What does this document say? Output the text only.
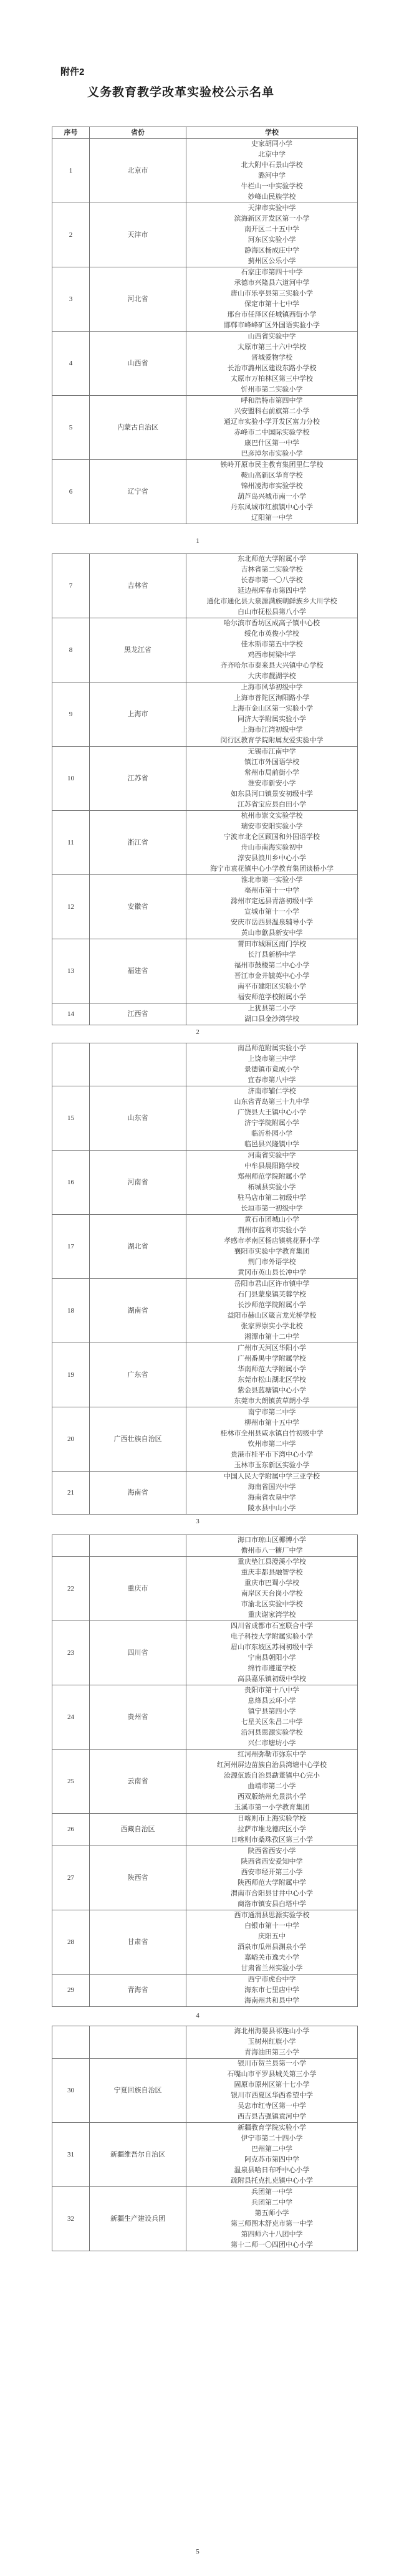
附件2
义务教育教学改革实验校公示名单
序号	省份	学校
1	北京市	
史家胡同小学
北京中学
北大附中石景山学校
潞河中学
牛栏山一中实验学校
妙峰山民族学校

2	天津市	
天津市实验中学
滨海新区开发区第一小学
南开区二十五中学
河东区实验小学
静海区杨成庄中学
蓟州区公乐小学

3	河北省	
石家庄市第四十中学
承德市兴隆县六道河中学
唐山市乐亭县第三实验小学
保定市第十七中学
邢台市任泽区任城镇西街小学
邯郸市峰峰矿区外国语实验小学

4	山西省	
山西省实验中学
太原市第三十六中学校
晋城爱物学校
长治市潞州区建设东路小学校
太原市万柏林区第三中学校
忻州市第二实验小学

5	内蒙古自治区	
呼和浩特市第四中学
兴安盟科右前旗第二小学
通辽市实验小学开发区富力分校
赤峰市二中国际实验学校
康巴什区第一中学
巴彦淖尔市实验小学

6	辽宁省	
铁岭开原市民主教育集团里仁学校
鞍山高新区华育学校
锦州凌海市实验学校
葫芦岛兴城市南一小学
丹东凤城市红旗镇中心小学
辽阳第一中学
1
7	吉林省	
东北师范大学附属小学
吉林省第二实验学校
长春市第一〇八学校
延边州珲春市第四中学
通化市通化县大泉源满族朝鲜族乡大川学校
白山市抚松县第八小学

8	黑龙江省	
哈尔滨市香坊区成高子镇中心校
绥化市英俊小学校
佳木斯市第五中学校
鸡西市树梁中学
齐齐哈尔市泰来县大兴镇中心学校
大庆市靓湖学校

9	上海市	
上海市风华初级中学
上海市普陀区洵阳路小学
上海市金山区第一实验小学
同济大学附属实验小学
上海市江湾初级中学
闵行区教育学院附属友爱实验中学

10	江苏省	
无锡市江南中学
镇江市外国语学校
常州市局前街小学
淮安市新安小学
如东县河口镇景安初级中学
江苏省宝应县白田小学

11	浙江省	
杭州市崇文实验学校
瑞安市安阳实验小学
宁波市北仑区顾国和外国语学校
舟山市南海实验初中
淳安县浪川乡中心小学
海宁市袁花镇中心小学教育集团谈桥小学

12	安徽省	
淮北市第一实验小学
亳州市第十一中学
滁州市定远县青洛初级中学
宣城市第十一小学
安庆市岳西县温泉辅导小学
黄山市歙县新安中学

13	福建省	
莆田市城厢区南门学校
长汀县新桥中学
福州市鼓楼第二中心小学
晋江市金井毓英中心小学
南平市建阳区实验小学
福安师范学校附属小学

14	江西省	上犹县第二小学
湖口县金沙湾学校
2

		南昌师范附属实验小学
上饶市第三中学
景德镇市竟成小学
宜春市第八中学

15	山东省	
济南市辅仁学校
山东省青岛第三十九中学
广饶县大王镇中心小学
济宁学院附属小学
临沂朴园小学
临邑县兴隆镇中学

16	河南省	
河南省实验中学
中牟县晨阳路学校
郑州师范学院附属小学
柘城县实验小学
驻马店市第二初级中学
长垣市第一初级中学

17	湖北省	
黄石市团城山小学
荆州市监利市实验小学
孝感市孝南区杨店镇桃花驿小学
襄阳市实验中学教育集团
荆门市外语学校
黄冈市英山县长冲中学

18	湖南省	
岳阳市君山区许市镇中学
石门县蒙泉镇芙蓉学校
长沙师范学院附属小学
益阳市赫山区箴言龙光桥学校
张家界崇实小学北校
湘潭市第十二中学

19	广东省	
广州市天河区华阳小学
广州番禺中学附属学校
华南师范大学附属小学
东莞市松山湖北区学校
紫金县蓝塘镇中心小学
东莞市大朗镇黄草朗小学

20	广西壮族自治区	
南宁市第二中学
柳州市第十五中学
桂林市全州县咸水镇白竹初级中学
钦州市第二中学
贵港市桂平市下湾中心小学
玉林市玉东新区实验小学

21	海南省	中国人民大学附属中学三亚学校
海南省国兴中学
海南省农垦中学
陵水县中山小学
3

		海口市琼山区椰博小学
儋州市八一糖厂中学

22	重庆市	
重庆垫江县澄溪小学校
重庆丰都县融智学校
重庆市巴蜀小学校
南岸区天台岗小学校
市渝北区实验中学校
重庆谢家湾学校

23	四川省	
四川省成都市石室联合中学
电子科技大学附属实验小学
眉山市东坡区苏祠初级中学
宁南县朝阳小学
绵竹市遵道学校
高县嘉乐镇初级中学校

24	贵州省	
贵阳市第十八中学
息烽县云环小学
镇宁县第四小学
七星关区朱昌二中学
沿河县思源实验学校
兴仁市塘坊小学

25	云南省	
红河州弥勒市弥东中学
红河州屏边苗族自治县湾塘中心学校
沧源佤族自治县勐董镇中心完小
曲靖市第二小学
西双版纳州允景洪小学
玉溪市第一小学教育集团

26	西藏自治区	日喀则市上海实验学校
拉萨市堆龙德庆区小学
日喀则市桑珠孜区第三小学

27	陕西省	
陕西省西安小学
陕西省西安爱知中学
西安市经开第三小学
陕西师范大学附属中学
渭南市合阳县甘井中心小学
商洛市镇安县白塔中学

28	甘肃省	
西市通渭县思源实验学校
白银市第十一中学
庆阳五中
酒泉市瓜州县渊泉小学
嘉峪关市逸夫小学
甘肃省兰州实验小学

29	青海省	西宁市虎台中学
海东市七里店中学
海南州共和县中学
4

		海北州海晏县祁连山小学
玉树州红旗小学
青海油田第三小学

30	宁夏回族自治区	
银川市贺兰县第一小学
石嘴山市平罗县城关第三小学
固原市原州区第十七小学
银川市西夏区华西希望中学
吴忠市红寺区第一中学
西吉县吉强镇袁河中学

31	新疆维吾尔自治区	
新疆教育学院实验小学
伊宁市第二十四小学
巴州第二中学
阿克苏市第四中学
温泉县哈日布呼中心小学
疏附县托克扎克镇中心小学

32	新疆生产建设兵团	
兵团第一中学
兵团第二中学
第五师小学
第三师图木舒克市第一中学
第四师六十八团中学
第十二师一〇四团中心小学
5
